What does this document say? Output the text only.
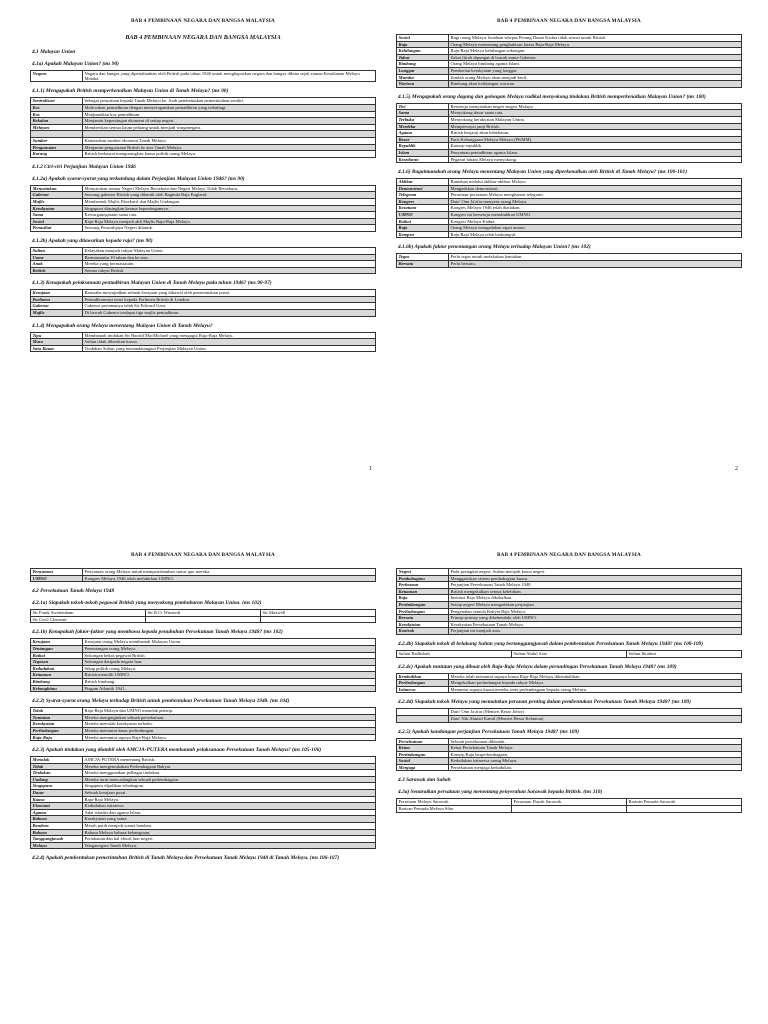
BAB 4 PEMBINAAN NEGARA DAN BANGSA MALAYSIA
BAB 4 PEMBINAAN NEGARA DAN BANGSA MALAYSIA
4.1 Malayan Union
4.1a) Apakah Malayan Union? (ms 90)
Negara	Negara dan bangsa yang dipertahankan oleh British pada tahun 1946 untuk menghapuskan negara dan bangsa dibina sejak zaman Kesultanan Melayu Melaka.
4.1.1) Mengapakah British memperkenalkan Malayan Union di Tanah Melayu? (ms 90)
Sentralisasi	Sebagai penyatuan kepada Tanah Melayu ke. Arah pembentukan pemerintahan sendiri.
Kos	Melicinkan pentadbiran dengan menyeragamkan pentadbiran yang terbahagi.
Kos	Menjimatkan kos pentadbiran.
Bekalan	Menjamin kepentingan ekonomi di setiap negeri.
Melayan	Memberikan semua kaum peluang untuk menjadi warganegara.

Sumber	Kemasukan sumber ekonomi Tanah Melayu.
Penguasaan	Menjamin penguasaan British ke atas Tanah Melayu.
Kurang	British berhasrat mengurangkan kuasa politik orang Melayu.
4.1.2 Ciri-ciri Perjanjian Malayan Union 1946
4.1.2a) Apakah syarat-syarat yang terkandung dalam Perjanjian Malayan Union 1946? (ms 90)
Menyatukan	Menyatukan semua Negeri Melayu Bersekutu dan Negeri Melayu Tidak Bersekutu.
Gabenor	Seorang gabenor British yang dilantik oleh Baginda Raja England.
Majlis	Membentuk Majlis Eksekutif dan Majlis Undangan.
Kerakyatan	Singapura diasingkan kerana kepentingannya.
Sama	Kewarganegaraan sama rata.
Sosial	Raja-Raja Melayu menjadi ahli Majlis Raja-Raja Melayu.
Penasihat	Seorang Pesuruhjaya Negeri dilantik.
4.1.2b) Apakah yang ditawarkan kepada raja? (ms 90)
Sultan	Kelayakan menjadi rakyat Malayan Union.
Umur	Bermastautin 10 tahun dan ke atas.
Anak	Mereka yang bermastautin.
British	Semua rakyat British.
4.1.3) Kenapakah pelaksanaan pentadbiran Malayan Union di Tanah Melayu pada tahun 1946? (ms 90-97)
Kerajaan	Berusaha mewujudkan sebuah kerajaan yang dikawal oleh pemerintahan pusat.
Parlimen	Pentadbirannya terus kepada Parlimen British di London.
Gabenor	Gabenor pertamanya ialah Sir Edward Gent.
Majlis	Di bawah Gabenor terdapat tiga majlis pentadbiran.
4.1.4) Mengapakah orang Melayu menentang Malayan Union di Tanah Melayu?
Tipu	Membantah tindakan Sir Harold MacMichael yang mengugut Raja-Raja Melayu.
Mara	Sultan tidak diberikan kuasa.
Satu Kaum	Tindakan Sultan yang menandatangani Perjanjian Malayan Union.
1
BAB 4 PEMBINAAN NEGARA DAN BANGSA MALAYSIA
Sosial	Bagi orang Melayu, keadaan selepas Perang Dunia Kedua tidak sesuai untuk British.
Raja	Orang Melayu menentang penghakisan kuasa Raja-Raja Melayu.
Kehilangan	Raja-Raja Melayu kehilangan sokongan.
Tabur	Zakat fitrah dipungut di bawah nama Gabenor.
Bimbang	Orang Melayu bimbang agama Islam.
Langgar	Pemberian kerakyatan yang longgar.
Mundur	Jumlah orang Melayu akan menjadi kecil.
Warisan	Bimbang akan kehilangan warisan.
4.1.5) Mengapakah orang dagang dan golongan Melayu radikal menyokong tindakan British memperkenalkan Malayan Union? (ms 100)
Tiri	Bersetuju menyatukan negeri-negeri Melayu.
Sama	Menyokong dasar sama rata.
Terbuka	Menyokong kerakyatan Malayan Union.
Merdeka	Mempercayai janji British.
Agama	British berjanji akan kebebasan.
Besar	Parti Kebangsaan Melayu Malaya (PKMM).
Republik	Konsep republik.
Islam	Penyatuan pentadbiran agama Islam.
Kesedaran	Peganut faham Melayu menyokong.
4.1.6) Bagaimanakah orang Melayu menentang Malayan Union yang diperkenalkan oleh British di Tanah Melayu? (ms 100-101)
Akhbar	Bantahan melalui akhbar-akhbar Melayu.
Demonstrasi	Mengadakan demonstrasi.
Telegram	Persatuan-persatuan Melayu menghantar telegram.
Kongres	Dato' Onn Ja'afar menyeru orang Melayu.
Kesatuan	Kongres Melayu 1946 telah diadakan.
UMNO	Kongres ini bersetuju menubuhkan UMNO.
Boikot	Kongres Melayu Kedua.
Raja	Orang Melayu mengadakan rapat umum.
Kempen	Raja-Raja Melayu telah berkumpul.
4.1.6b) Apakah faktor penentangan orang Melayu terhadap Malayan Union? (ms 102)
Tegas	Perlu tegas untuk melakukan bantahan.
Bersatu	Perlu bersatu.
2
BAB 4 PEMBINAAN NEGARA DAN BANGSA MALAYSIA
Penyatuan	Penyatuan orang Melayu untuk mempertahankan status quo mereka.
UMNO	Kongres Melayu 1946 telah melahirkan UMNO.
4.2 Persekutuan Tanah Melayu 1948
4.2.1a) Siapakah tokoh-tokoh pegawai British yang menyokong pembubaran Malayan Union. (ms 102)
Sir Frank Swettenham	Sir R.O. Winstedt	Sir Maxwell
Sir Cecil Clementi		
4.2.1b) Kenapakah faktor-faktor yang membawa kepada penubuhan Persekutuan Tanah Melayu 1948? (ms 102)
Kerajaan	Kerajaan orang Melayu membantah Malayan Union.
Tentangan	Penentangan orang Melayu.
Boikot	Sokongan bekas pegawai British.
Tegasan	Sokongan daripada negara luar.
Kedudukan	Sikap politik orang Melayu.
Ketuanan	British memilih UMNO.
Bimbang	British bimbang.
Kebangkitan	Piagam Atlantik 1941.
4.2.2) Syarat-syarat orang Melayu terhadap British untuk pembentukan Persekutuan Tanah Melayu 1948. (ms 104)
Tolak	Raja-Raja Melayu dan UMNO menolak prinsip.
Tuntutan	Mereka menginginkan sebuah persekutuan.
Kerakyatan	Mereka menolak kerakyatan terbuka.
Perlindungan	Mereka menuntut dasar perlindungan.
Raja-Raja	Mereka menuntut supaya Raja-Raja Melayu.
4.2.3) Apakah tindakan yang diambil oleh AMCJA-PUTERA membantah pelaksanaan Persekutuan Tanah Melayu? (ms 105-106)
Menolak	AMCJA-PUTERA menentang British.
Tidak	Mereka mengemukakan Perlembagaan Rakyat.
Tindakan	Mereka menggunakan pelbagai tindakan.
Undang	Mereka turut mencadangkan sebuah perlembagaan.
Singapura	Singapura dijadikan sebahagian.
Dasar	Sebuah kerajaan pusat.
Kuasa	Raja-Raja Melayu.
Ekonomi	Kedudukan istimewa.
Agama	Adat istiadat dan agama Islam.
Bahasa	Kerakyatan yang sama.
Bendera	Merah putih menjadi warna bendera.
Bahasa	Bahasa Melayu bahasa kebangsaan.
Tanggungjawab	Pertahanan dan hal ehwal luar negeri.
Melayu	Warganegara Tanah Melayu.
4.2.4) Apakah pembentukan pemerintahan British di Tanah Melayu dan Persekutuan Tanah Melayu 1948 di Tanah Melayu. (ms 106-107)
BAB 4 PEMBINAAN NEGARA DAN BANGSA MALAYSIA
Negeri	Pada peringkat negeri, Sultan menjadi ketua negeri.
Pembahagian	Menggariskan sistem pembahagian kuasa.
Perbezaan	Perjanjian Persekutuan Tanah Melayu 1948.
Ketuanan	British mengekalkan semua kelebihan.
Raja	Institusi Raja Melayu dikekalkan.
Pertimbangan	Setiap negeri Melayu mengadakan perjanjian.
Perlindungan	Pengenalan semula Rakyat Raja Melayu.
Bersatu	Prinsip-prinsip yang dikehendaki oleh UMNO.
Kerakyatan	Kerakyatan Persekutuan Tanah Melayu.
Kontrak	Perjanjian ini menjadi asas.
4.2.4b) Siapakah tokoh di belakang Sultan yang bertanggungjawab dalam pembentukan Persekutuan Tanah Melayu 1948? (ms 108-109)
Sultan Badlishah	Sultan Abdul Aziz	Sultan Ibrahim
4.2.4c) Apakah tuntutan yang dibuat oleh Raja-Raja Melayu dalam perundingan Persekutuan Tanah Melayu 1948? (ms 109)
Kembalikan	Mereka telah menuntut supaya kuasa Raja-Raja Melayu dikembalikan.
Perlindungan	Mengekalkan perlindungan kepada rakyat Melayu.
Istimewa	Menuntut supaya kuasa mereka serta perlembagaan kepada orang Melayu.
4.2.4d) Siapakah tokoh Melayu yang memainkan peranan penting dalam pembentukan Persekutuan Tanah Melayu 1948? (ms 109)
	Dato' Onn Ja'afar (Menteri Besar Johor)
	Dato' Nik Ahmad Kamil (Menteri Besar Kelantan)
4.2.5) Apakah kandungan perjanjian Persekutuan Tanah Melayu 1948? (ms 109)
Persekutuan	Sebuah persekutuan dibentuk.
Ketua	Ketua Persekutuan Tanah Melayu.
Pertimbangan	Konsep Raja berperlembagaan.
Sosial	Kedudukan istimewa orang Melayu.
Menjaga	Persekutuan menjaga kedudukan.
4.3 Sarawak dan Sabah
4.3a) Senaraikan persatuan yang menentang penyerahan Sarawak kepada British. (ms 110)
Persatuan Melayu Sarawak	Persatuan Dayak Sarawak	Barisan Pemuda Sarawak
Barisan Pemuda Melayu Sibu		
